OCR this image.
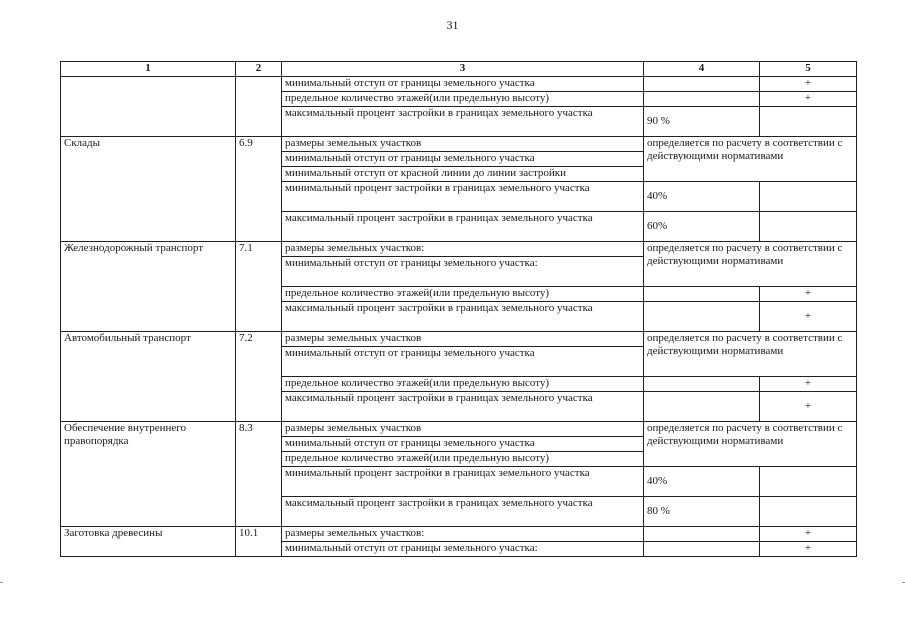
31
1	2	3	4	5
		минимальный отступ от границы земельного участка		+
		предельное количество этажей(или предельную высоту)		+
		максимальный процент застройки в границах земельного участка	90 %	
Склады	6.9	размеры земельных участков	определяется по расчету в соответствии с действующими нормативами	
		минимальный отступ от границы земельного участка		
		минимальный отступ от красной линии до линии застройки		
		минимальный процент застройки в границах земельного участка	40%	
		максимальный процент застройки в границах земельного участка	60%	
Железнодорожный транспорт	7.1	размеры земельных участков:	определяется по расчету в соответствии с действующими нормативами	
		минимальный отступ от границы земельного участка:		
		предельное количество этажей(или предельную высоту)		+
		максимальный процент застройки в границах земельного участка		+
Автомобильный транспорт	7.2	размеры земельных участков	определяется по расчету в соответствии с действующими нормативами	
		минимальный отступ от границы земельного участка		
		предельное количество этажей(или предельную высоту)		+
		максимальный процент застройки в границах земельного участка		+
Обеспечение внутреннего правопорядка	8.3	размеры земельных участков	определяется по расчету в соответствии с действующими нормативами	
		минимальный отступ от границы земельного участка		
		предельное количество этажей(или предельную высоту)		
		минимальный процент застройки в границах земельного участка	40%	
		максимальный процент застройки в границах земельного участка	80 %	
Заготовка древесины	10.1	размеры земельных участков:		+
		минимальный отступ от границы земельного участка:		+
